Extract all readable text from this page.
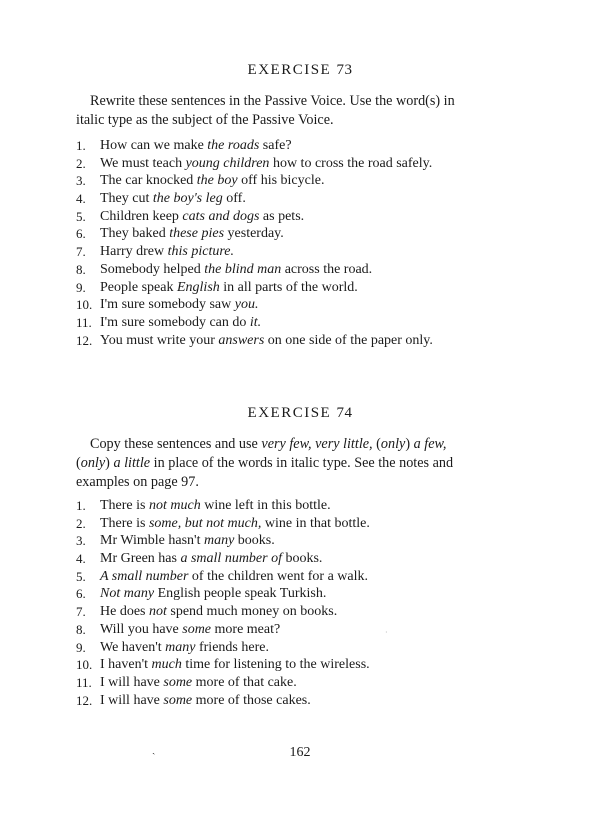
EXERCISE 73

Rewrite these sentences in the Passive Voice. Use the word(s) in
italic type as the subject of the Passive Voice.

1.	How can we make the roads safe?
2.	We must teach young children how to cross the road safely.
3.	The car knocked the boy off his bicycle.
4.	They cut the boy's leg off.
5.	Children keep cats and dogs as pets.
6.	They baked these pies yesterday.
7.	Harry drew this picture.
8.	Somebody helped the blind man across the road.
9.	People speak English in all parts of the world.
10. I'm sure somebody saw you.
11. I'm sure somebody can do it.
12. You must write your answers on one side of the paper only.
EXERCISE 74

Copy these sentences and use very few, very little, (only) a few,
(only) a little in place of the words in italic type. See the notes and
examples on page 97.

1.	There is not much wine left in this bottle.
2.	There is some, but not much, wine in that bottle.
3.	Mr Wimble hasn't many books.
4.	Mr Green has a small number of books.
5.	A small number of the children went for a walk.
6.	Not many English people speak Turkish.
7.	He does not spend much money on books.
8.	Will you have some more meat?
9.	We haven't many friends here.
10. I haven't much time for listening to the wireless.
11. I will have some more of that cake.
12. I will have some more of those cakes.
ˏ
·
162
